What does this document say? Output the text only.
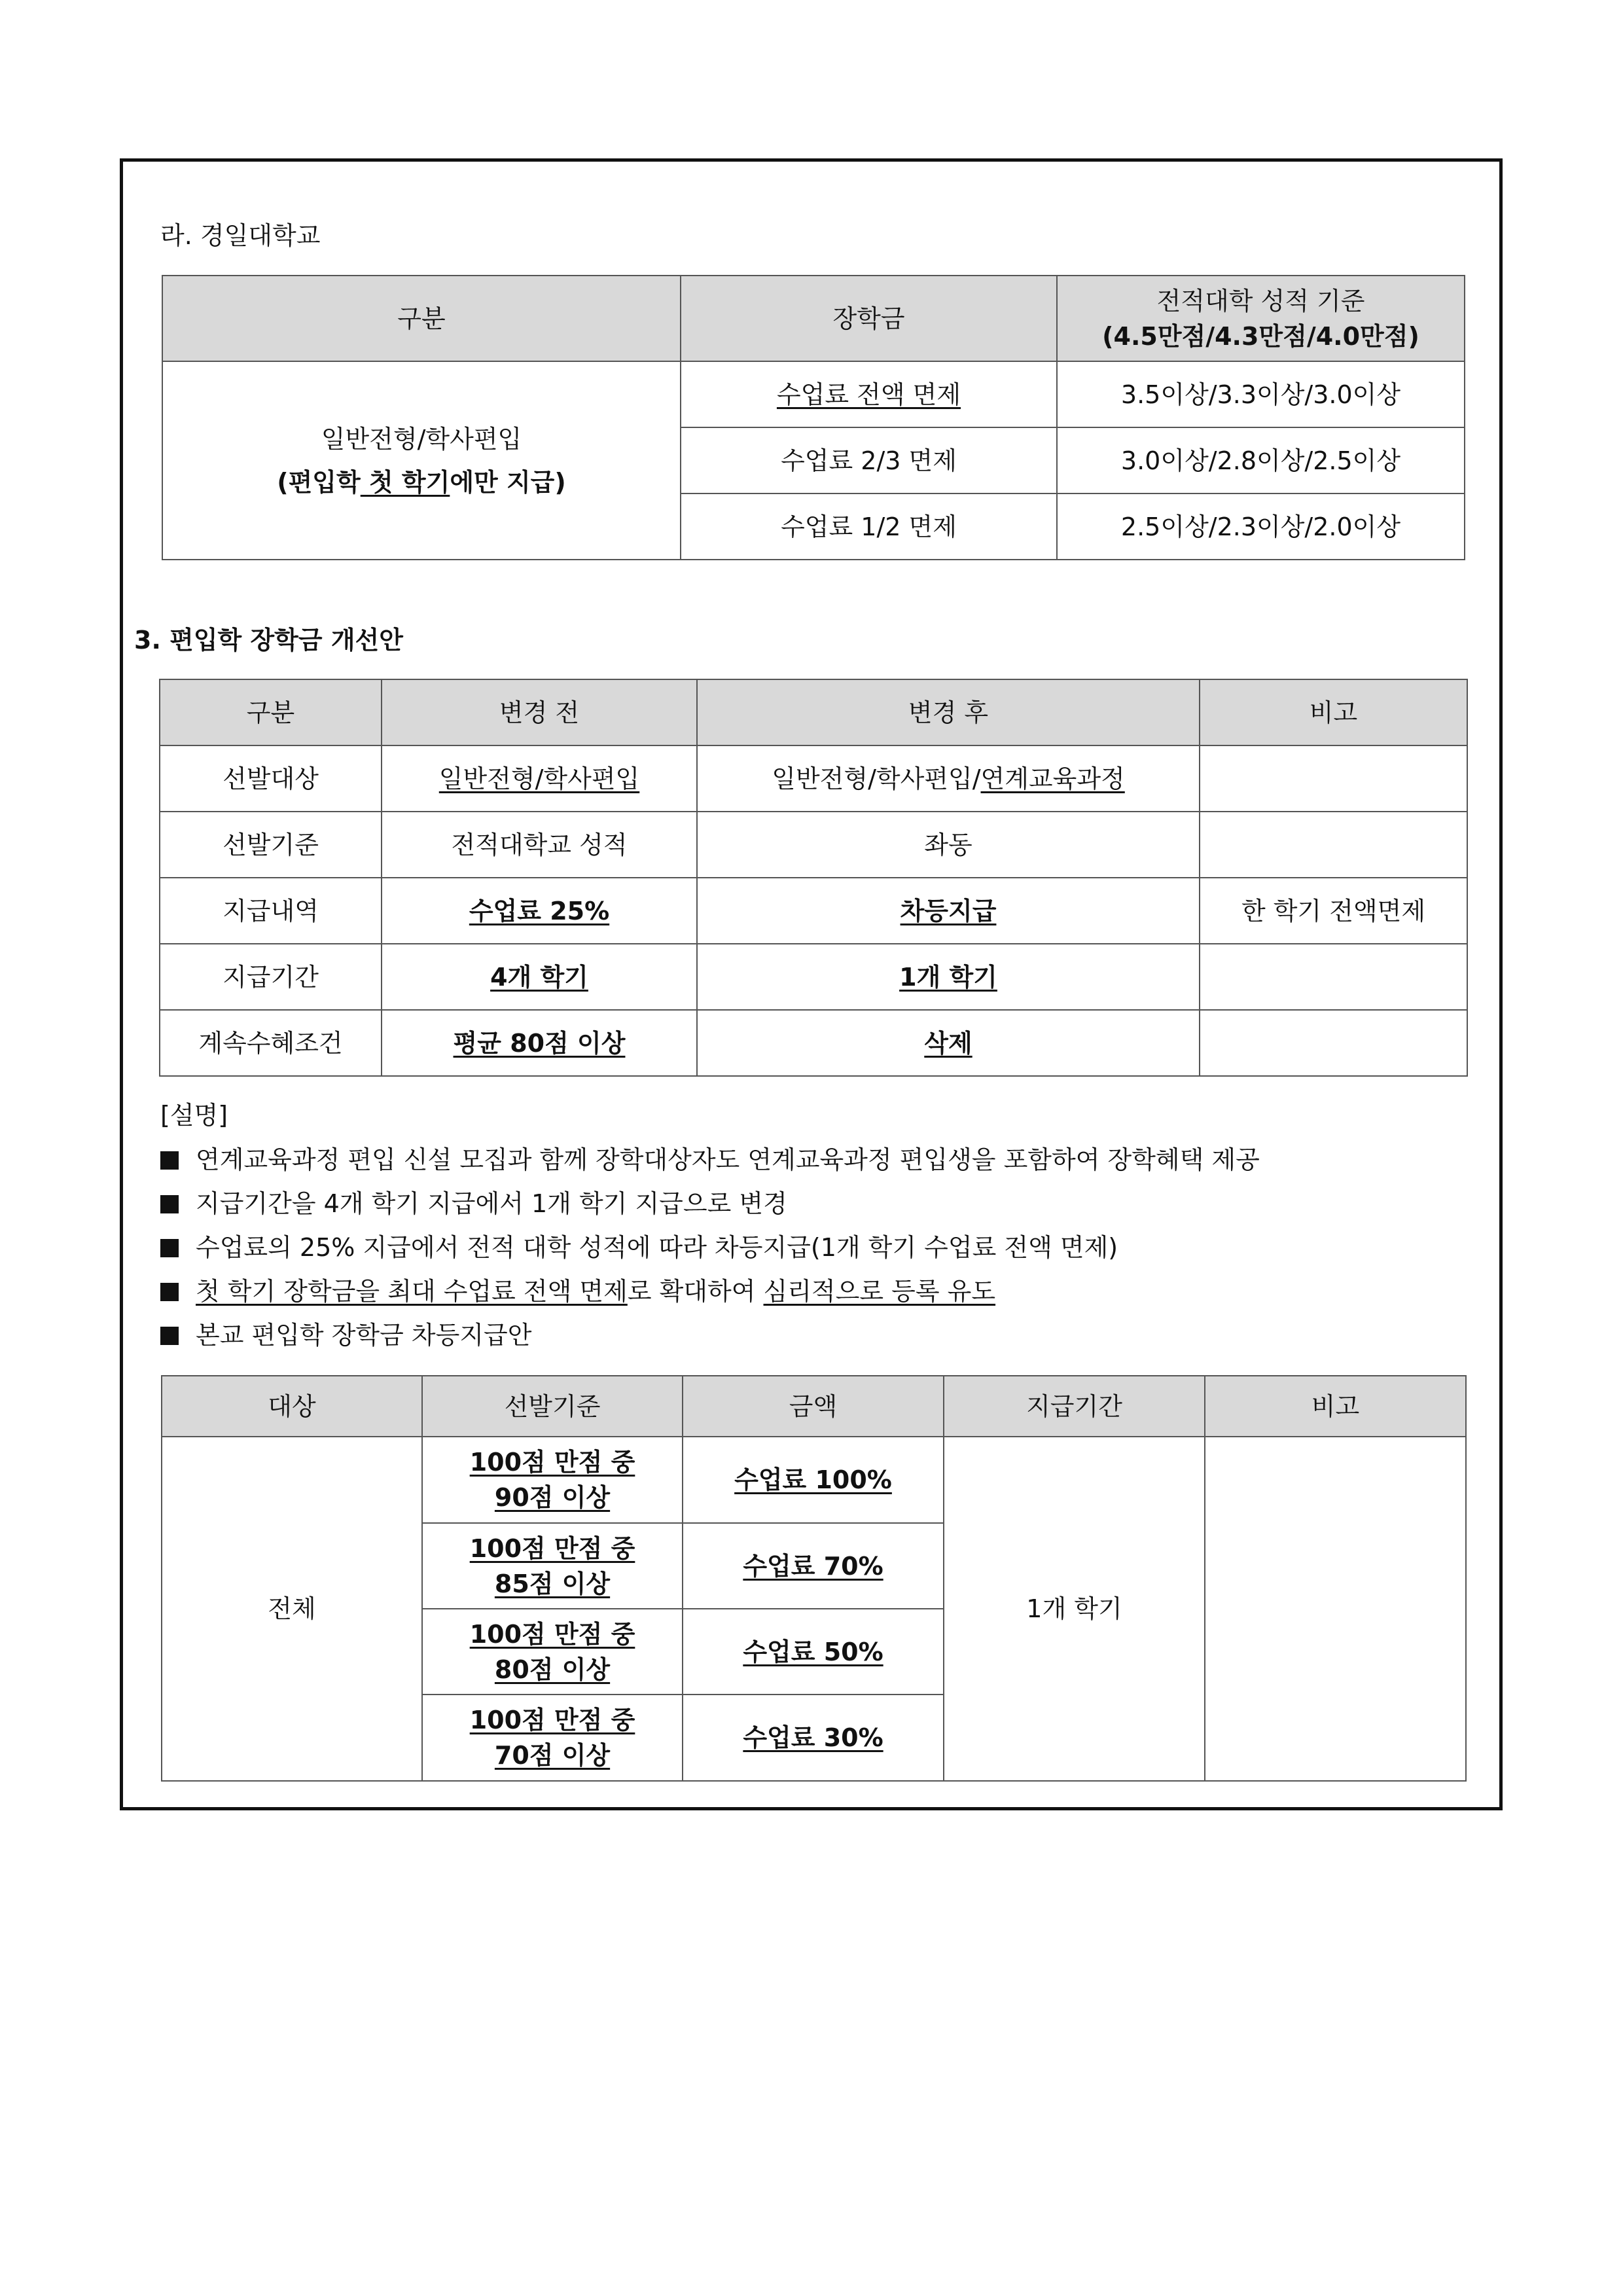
라. 경일대학교
구분	장학금	전적대학 성적 기준
(4.5만점/4.3만점/4.0만점)

일반전형/학사편입
(편입학 첫 학기에만 지급)	수업료 전액 면제	3.5이상/3.3이상/3.0이상
	수업료 2/3 면제	3.0이상/2.8이상/2.5이상
	수업료 1/2 면제	2.5이상/2.3이상/2.0이상
3. 편입학 장학금 개선안
구분	변경 전	변경 후	비고
선발대상	일반전형/학사편입	일반전형/학사편입/연계교육과정	
선발기준	전적대학교 성적	좌동	
지급내역	수업료 25%	차등지급	한 학기 전액면제
지급기간	4개 학기	1개 학기	
계속수혜조건	평균 80점 이상	삭제	
[설명]
연계교육과정 편입 신설 모집과 함께 장학대상자도 연계교육과정 편입생을 포함하여 장학혜택 제공
지급기간을 4개 학기 지급에서 1개 학기 지급으로 변경
수업료의 25% 지급에서 전적 대학 성적에 따라 차등지급(1개 학기 수업료 전액 면제)
첫 학기 장학금을 최대 수업료 전액 면제로 확대하여 심리적으로 등록 유도
본교 편입학 장학금 차등지급안
대상	선발기준	금액	지급기간	비고
전체	100점 만점 중
90점 이상	수업료 100%	1개 학기	

	100점 만점 중
85점 이상	수업료 70%		

	100점 만점 중
80점 이상	수업료 50%		

	100점 만점 중
70점 이상	수업료 30%		
